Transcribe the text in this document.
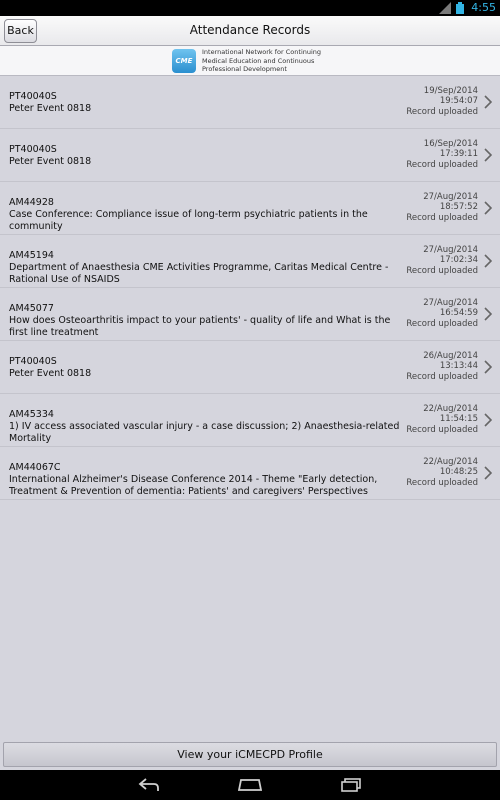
4:55
Back	Attendance Records
CME
International Network for Continuing Medical Education and Continuous Professional Development
PT40040S
Peter Event 0818
19/Sep/2014
19:54:07
Record uploaded
PT40040S
Peter Event 0818
16/Sep/2014
17:39:11
Record uploaded
AM44928
Case Conference: Compliance issue of long-term psychiatric patients in the community
27/Aug/2014
18:57:52
Record uploaded
AM45194
Department of Anaesthesia CME Activities Programme, Caritas Medical Centre - Rational Use of NSAIDS
27/Aug/2014
17:02:34
Record uploaded
AM45077
How does Osteoarthritis impact to your patients' - quality of life and What is the first line treatment
27/Aug/2014
16:54:59
Record uploaded
PT40040S
Peter Event 0818
26/Aug/2014
13:13:44
Record uploaded
AM45334
1) IV access associated vascular injury - a case discussion; 2) Anaesthesia-related Mortality
22/Aug/2014
11:54:15
Record uploaded
AM44067C
International Alzheimer's Disease Conference 2014 - Theme "Early detection, Treatment & Prevention of dementia: Patients' and caregivers' Perspectives
22/Aug/2014
10:48:25
Record uploaded
View your iCMECPD Profile
